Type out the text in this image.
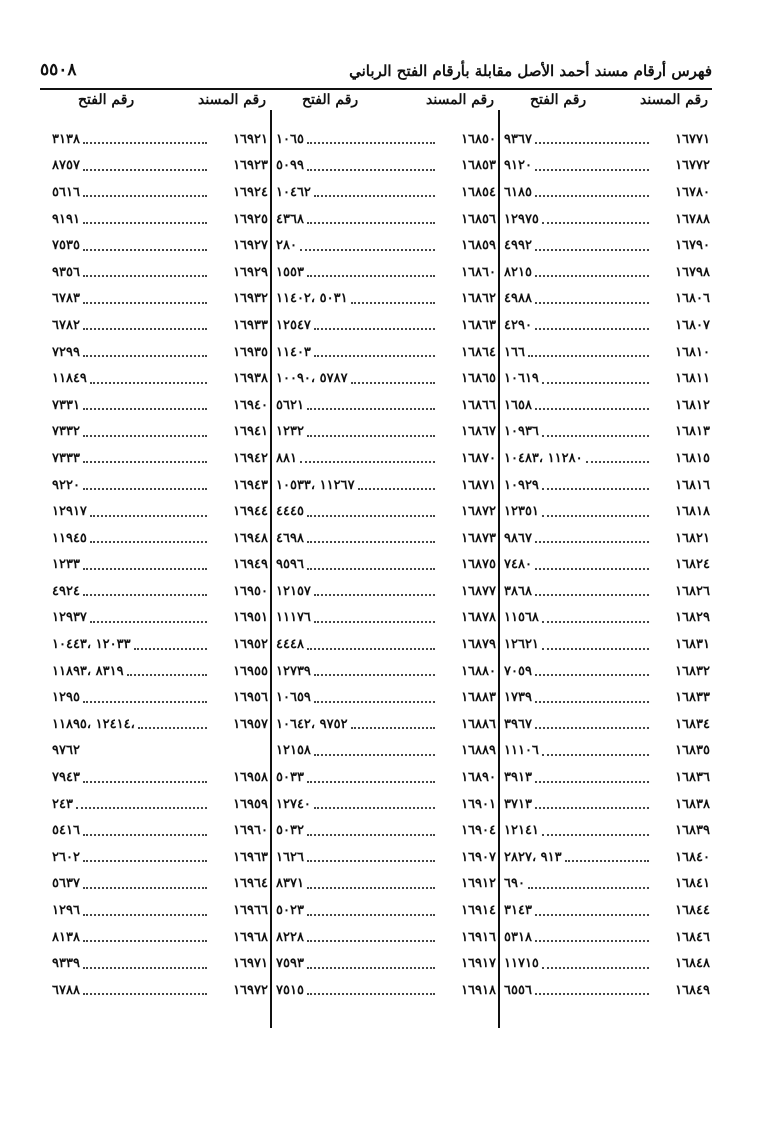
فهرس أرقام مسند أحمد الأصل مقابلة بأرقام الفتح الرباني
٥٥٠٨
رقم المسند
رقم الفتح
١٦٧٧١
٩٣٦٧
١٦٧٧٢
٩١٢٠
١٦٧٨٠
٦١٨٥
١٦٧٨٨
١٢٩٧٥
١٦٧٩٠
٤٩٩٢
١٦٧٩٨
٨٢١٥
١٦٨٠٦
٤٩٨٨
١٦٨٠٧
٤٢٩٠
١٦٨١٠
١٦٦
١٦٨١١
١٠٦١٩
١٦٨١٢
١٦٥٨
١٦٨١٣
١٠٩٣٦
١٦٨١٥
١١٢٨٠ ،١٠٤٨٣
١٦٨١٦
١٠٩٢٩
١٦٨١٨
١٢٣٥١
١٦٨٢١
٩٨٦٧
١٦٨٢٤
٧٤٨٠
١٦٨٢٦
٣٨٦٨
١٦٨٢٩
١١٥٦٨
١٦٨٣١
١٢٦٢١
١٦٨٣٢
٧٠٥٩
١٦٨٣٣
١٧٣٩
١٦٨٣٤
٣٩٦٧
١٦٨٣٥
١١١٠٦
١٦٨٣٦
٣٩١٣
١٦٨٣٨
٣٧١٣
١٦٨٣٩
١٢١٤١
١٦٨٤٠
٩١٣ ،٢٨٢٧
١٦٨٤١
٦٩٠
١٦٨٤٤
٣١٤٣
١٦٨٤٦
٥٣١٨
١٦٨٤٨
١١٧١٥
١٦٨٤٩
٦٥٥٦
رقم المسند
رقم الفتح
١٦٨٥٠
١٠٦٥
١٦٨٥٣
٥٠٩٩
١٦٨٥٤
١٠٤٦٢
١٦٨٥٦
٤٣٦٨
١٦٨٥٩
٢٨٠
١٦٨٦٠
١٥٥٣
١٦٨٦٢
٥٠٣١ ،١١٤٠٢
١٦٨٦٣
١٢٥٤٧
١٦٨٦٤
١١٤٠٣
١٦٨٦٥
٥٧٨٧ ،١٠٠٩٠
١٦٨٦٦
٥٦٢١
١٦٨٦٧
١٢٣٢
١٦٨٧٠
٨٨١
١٦٨٧١
١١٢٦٧ ،١٠٥٣٣
١٦٨٧٢
٤٤٤٥
١٦٨٧٣
٤٦٩٨
١٦٨٧٥
٩٥٩٦
١٦٨٧٧
١٢١٥٧
١٦٨٧٨
١١١٧٦
١٦٨٧٩
٤٤٤٨
١٦٨٨٠
١٢٧٣٩
١٦٨٨٣
١٠٦٥٩
١٦٨٨٦
٩٧٥٢ ،١٠٦٤٢
١٦٨٨٩
١٢١٥٨
١٦٨٩٠
٥٠٣٣
١٦٩٠١
١٢٧٤٠
١٦٩٠٤
٥٠٣٢
١٦٩٠٧
١٦٢٦
١٦٩١٢
٨٣٧١
١٦٩١٤
٥٠٢٣
١٦٩١٦
٨٢٢٨
١٦٩١٧
٧٥٩٣
١٦٩١٨
٧٥١٥
رقم المسند
رقم الفتح
١٦٩٢١
٣١٣٨
١٦٩٢٣
٨٧٥٧
١٦٩٢٤
٥٦١٦
١٦٩٢٥
٩١٩١
١٦٩٢٧
٧٥٣٥
١٦٩٢٩
٩٣٥٦
١٦٩٣٢
٦٧٨٣
١٦٩٣٣
٦٧٨٢
١٦٩٣٥
٧٢٩٩
١٦٩٣٨
١١٨٤٩
١٦٩٤٠
٧٣٣١
١٦٩٤١
٧٣٣٢
١٦٩٤٢
٧٣٣٣
١٦٩٤٣
٩٢٢٠
١٦٩٤٤
١٢٩١٧
١٦٩٤٨
١١٩٤٥
١٦٩٤٩
١٢٣٣
١٦٩٥٠
٤٩٢٤
١٦٩٥١
١٢٩٣٧
١٦٩٥٢
١٢٠٣٣ ،١٠٤٤٣
١٦٩٥٥
٨٣١٩ ،١١٨٩٣
١٦٩٥٦
١٢٩٥
١٦٩٥٧
،١٢٤١٤ ،١١٨٩٥
٩٧٦٢
١٦٩٥٨
٧٩٤٣
١٦٩٥٩
٢٤٣
١٦٩٦٠
٥٤١٦
١٦٩٦٣
٢٦٠٢
١٦٩٦٤
٥٦٣٧
١٦٩٦٦
١٢٩٦
١٦٩٦٨
٨١٣٨
١٦٩٧١
٩٣٣٩
١٦٩٧٢
٦٧٨٨
